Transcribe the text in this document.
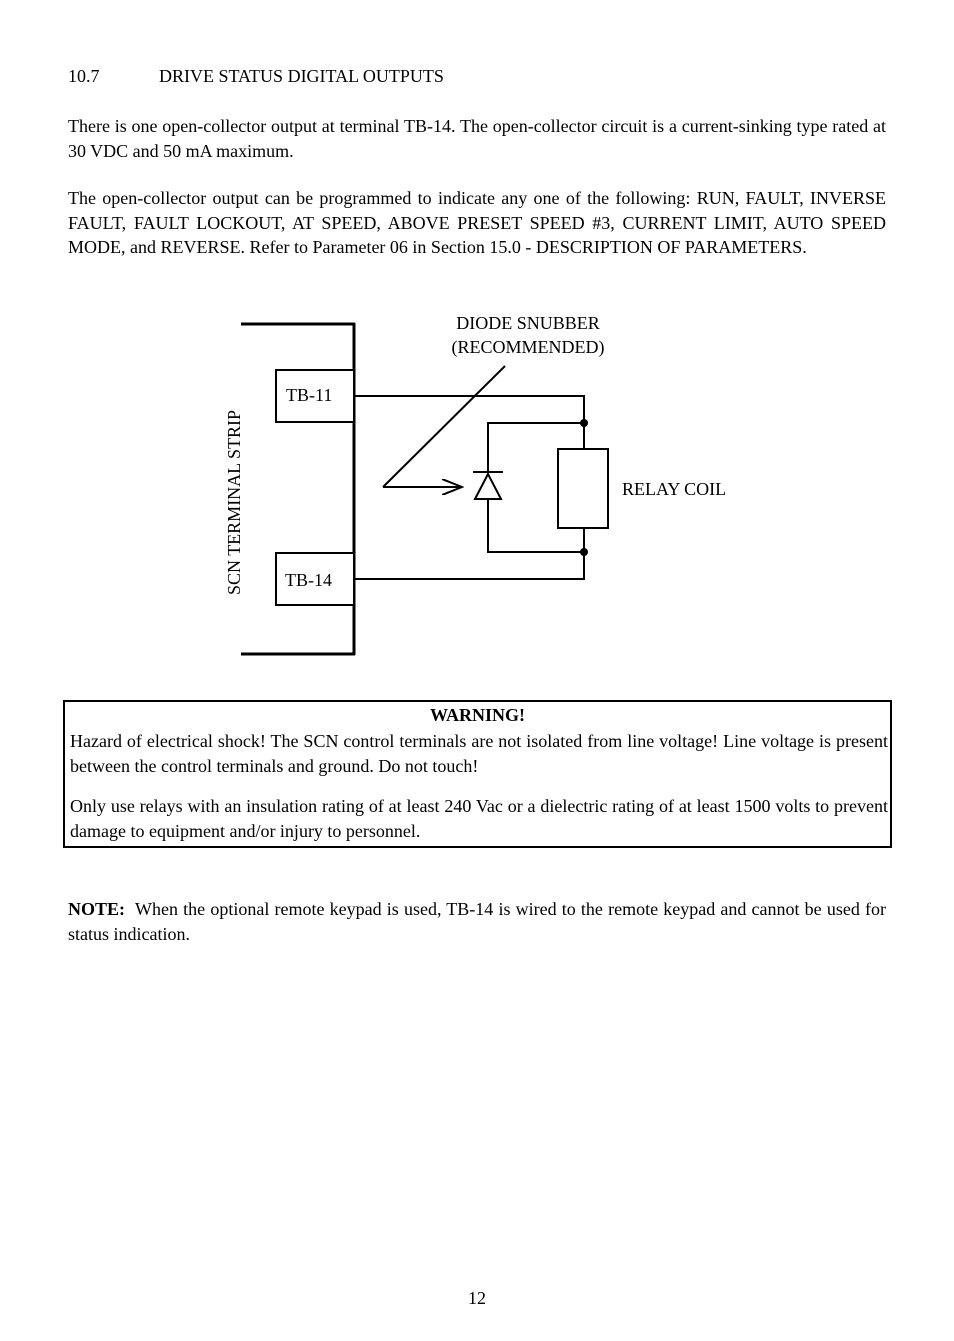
10.7	DRIVE STATUS DIGITAL OUTPUTS

There is one open-collector output at terminal TB-14. The open-collector circuit is a current-sinking type rated at 30 VDC and 50 mA maximum.

The open-collector output can be programmed to indicate any one of the following: RUN, FAULT, INVERSE FAULT, FAULT LOCKOUT, AT SPEED, ABOVE PRESET SPEED #3, CURRENT LIMIT, AUTO SPEED MODE, and REVERSE. Refer to Parameter 06 in Section 15.0 - DESCRIPTION OF PARAMETERS.

SCN TERMINAL STRIP
TB-11
TB-14
DIODE SNUBBER
(RECOMMENDED)
RELAY COIL
WARNING!

Hazard of electrical shock! The SCN control terminals are not isolated from line voltage! Line voltage is present between the control terminals and ground. Do not touch!

Only use relays with an insulation rating of at least 240 Vac or a dielectric rating of at least 1500 volts to prevent damage to equipment and/or injury to personnel.

NOTE: When the optional remote keypad is used, TB-14 is wired to the remote keypad and cannot be used for status indication.

12
